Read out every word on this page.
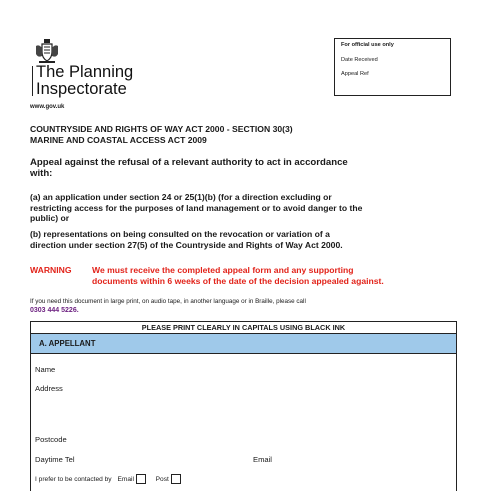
The Planning
Inspectorate
www.gov.uk
For official use only
Date Received
Appeal Ref
COUNTRYSIDE AND RIGHTS OF WAY ACT 2000 - SECTION 30(3)
MARINE AND COASTAL ACCESS ACT 2009
Appeal against the refusal of a relevant authority to act in accordance
with:
(a) an application under section 24 or 25(1)(b) (for a direction excluding or
restricting access for the purposes of land management or to avoid danger to the
public) or
(b) representations on being consulted on the revocation or variation of a
direction under section 27(5) of the Countryside and Rights of Way Act 2000.
WARNING We must receive the completed appeal form and any supporting
documents within 6 weeks of the date of the decision appealed against.
If you need this document in large print, on audio tape, in another language or in Braille, please call
0303 444 5226.
PLEASE PRINT CLEARLY IN CAPITALS USING BLACK INK
A. APPELLANT
Name
Address
Postcode
Daytime Tel	Email
I prefer to be contacted by Email	Post
